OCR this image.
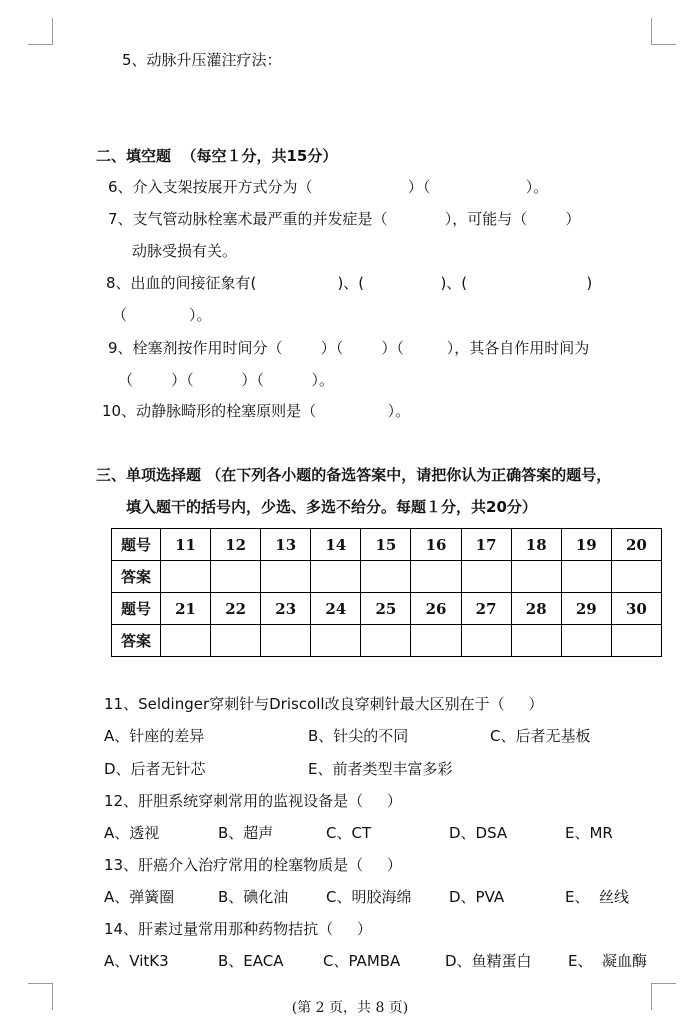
5、动脉升压灌注疗法：
二、填空题  （每空１分，共15分）
6、介入支架按展开方式分为（                    ）（                    ）。
7、支气管动脉栓塞术最严重的并发症是（            ），可能与（        ）
动脉受损有关。
8、出血的间接征象有(                 )、(                )、(                         )
（             ）。
9、栓塞剂按作用时间分（        ）（        ）（         ），其各自作用时间为
（        ）（          ）（          ）。
10、动静脉畸形的栓塞原则是（               ）。
三、单项选择题 （在下列各小题的备选答案中，请把你认为正确答案的题号，
填入题干的括号内，少选、多选不给分。每题１分，共20分）
题号	11	12	13	14	15	16	17	18	19	20
答案										
题号	21	22	23	24	25	26	27	28	29	30
答案										
11、Seldinger穿刺针与Driscoll改良穿刺针最大区别在于（     ）
A、针座的差异	B、针尖的不同	C、后者无基板
D、后者无针芯	E、前者类型丰富多彩
12、肝胆系统穿刺常用的监视设备是（     ）
A、透视	B、超声	C、CT	D、DSA	E、MR
13、肝癌介入治疗常用的栓塞物质是（     ）
A、弹簧圈	B、碘化油	C、明胶海绵	D、PVA	E、  丝线
14、肝素过量常用那种药物拮抗（     ）
A、VitK3	B、EACA	C、PAMBA	D、鱼精蛋白 E、  凝血酶
(第 2 页，共 8 页)
